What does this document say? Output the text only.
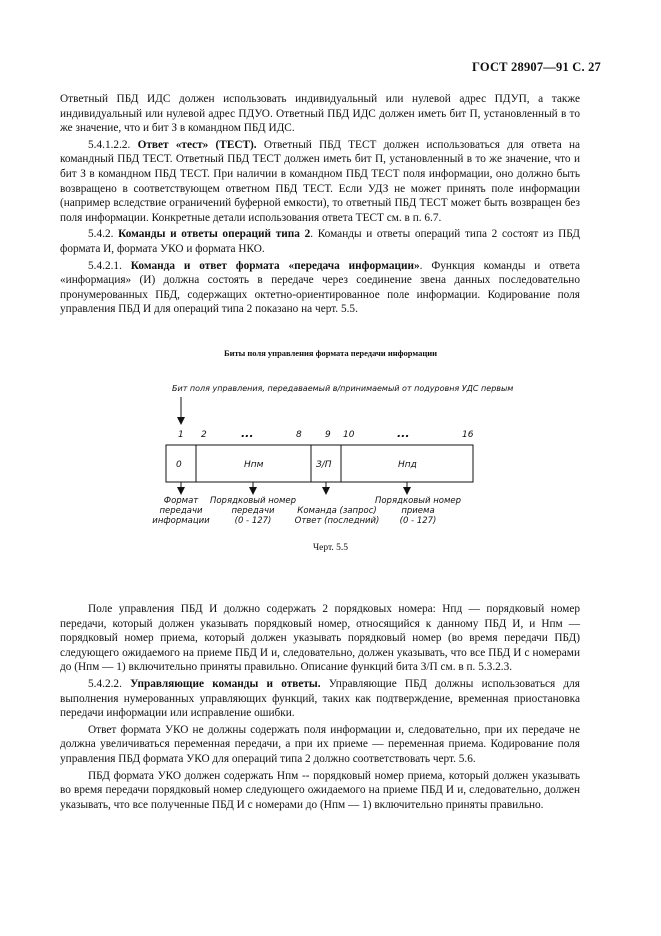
ГОСТ 28907—91 С. 27

Ответный ПБД ИДС должен использовать индивидуальный или нулевой адрес ПДУП, а также индивидуальный или нулевой адрес ПДУО. Ответный ПБД ИДС должен иметь бит П, установленный в то же значение, что и бит З в командном ПБД ИДС.

5.4.1.2.2. Ответ «тест» (ТЕСТ). Ответный ПБД ТЕСТ должен использоваться для ответа на командный ПБД ТЕСТ. Ответный ПБД ТЕСТ должен иметь бит П, установленный в то же значение, что и бит З в командном ПБД ТЕСТ. При наличии в командном ПБД ТЕСТ поля информации, оно должно быть возвращено в соответствующем ответном ПБД ТЕСТ. Если УДЗ не может принять поле информации (например вследствие ограничений буферной емкости), то ответный ПБД ТЕСТ может быть возвращен без поля информации. Конкретные детали использования ответа ТЕСТ см. в п. 6.7.

5.4.2. Команды и ответы операций типа 2. Команды и ответы операций типа 2 состоят из ПБД формата И, формата УКО и формата НКО.

5.4.2.1. Команда и ответ формата «передача информации». Функция команды и ответа «информация» (И) должна состоять в передаче через соединение звена данных последовательно пронумерованных ПБД, содержащих октетно-ориентированное поле информации. Кодирование поля управления ПБД И для операций типа 2 показано на черт. 5.5.

Биты поля управления формата передачи информации
Бит поля управления, передаваемый в/принимаемый от подуровня УДС первым
1 2	...	8	9 10	...	16
0	Нпм	З/П	Нпд
Формат
передачи
информации
Порядковый номер
передачи
(0 - 127)
Команда (запрос)
Ответ (последний)
Порядковый номер
приема
(0 - 127)
Черт. 5.5

Поле управления ПБД И должно содержать 2 порядковых номера: Нпд — порядковый номер передачи, который должен указывать порядковый номер, относящийся к данному ПБД И, и Нпм — порядковый номер приема, который должен указывать порядковый номер (во время передачи ПБД) следующего ожидаемого на приеме ПБД И и, следовательно, должен указывать, что все ПБД И с номерами до (Нпм — 1) включительно приняты правильно. Описание функций бита З/П см. в п. 5.3.2.3.

5.4.2.2. Управляющие команды и ответы. Управляющие ПБД должны использоваться для выполнения нумерованных управляющих функций, таких как подтверждение, временная приостановка передачи информации или исправление ошибки.

Ответ формата УКО не должны содержать поля информации и, следовательно, при их передаче не должна увеличиваться переменная передачи, а при их приеме — переменная приема. Кодирование поля управления ПБД формата УКО для операций типа 2 должно соответствовать черт. 5.6.

ПБД формата УКО должен содержать Нпм -- порядковый номер приема, который должен указывать во время передачи порядковый номер следующего ожидаемого на приеме ПБД И и, следовательно, должен указывать, что все полученные ПБД И с номерами до (Нпм — 1) включительно приняты правильно.
